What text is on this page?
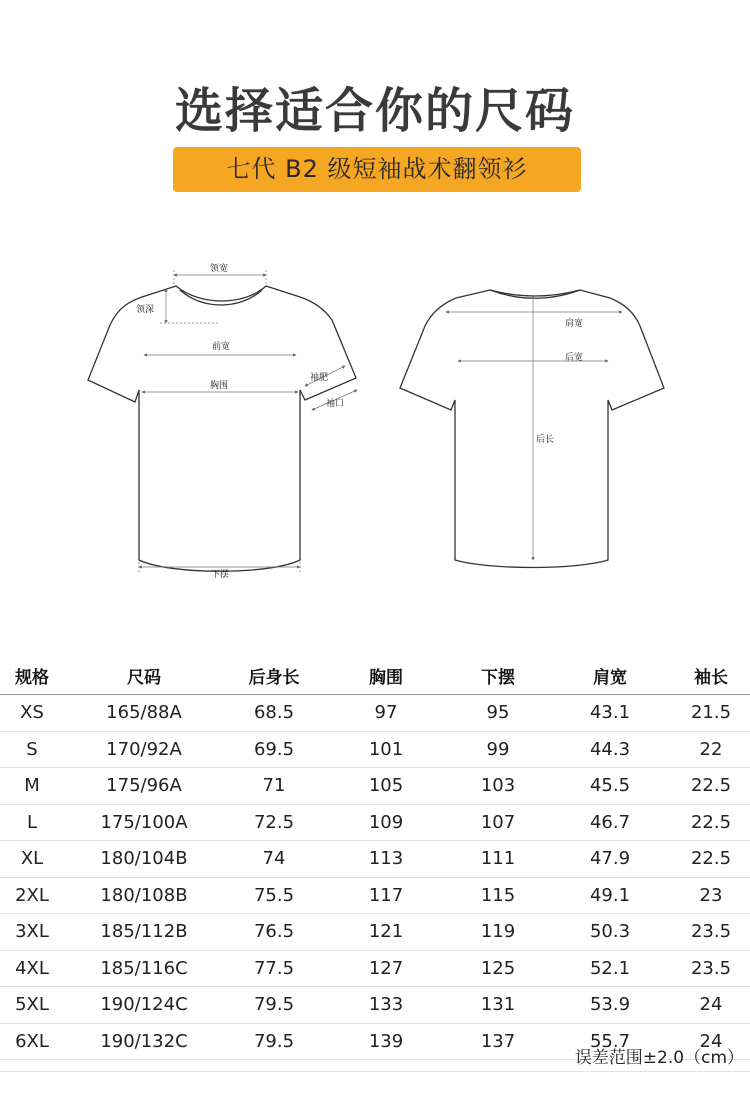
选择适合你的尺码
七代 B2 级短袖战术翻领衫
领宽
领深
前宽
胸围
袖肥
袖口
下摆
肩宽
后宽
后长
规格	尺码	后身长	胸围	下摆	肩宽	袖长
XS	165/88A	68.5	97	95	43.1	21.5
S	170/92A	69.5	101	99	44.3	22
M	175/96A	71	105	103	45.5	22.5
L	175/100A	72.5	109	107	46.7	22.5
XL	180/104B	74	113	111	47.9	22.5
2XL	180/108B	75.5	117	115	49.1	23
3XL	185/112B	76.5	121	119	50.3	23.5
4XL	185/116C	77.5	127	125	52.1	23.5
5XL	190/124C	79.5	133	131	53.9	24
6XL	190/132C	79.5	139	137	55.7	24
误差范围±2.0（cm）
